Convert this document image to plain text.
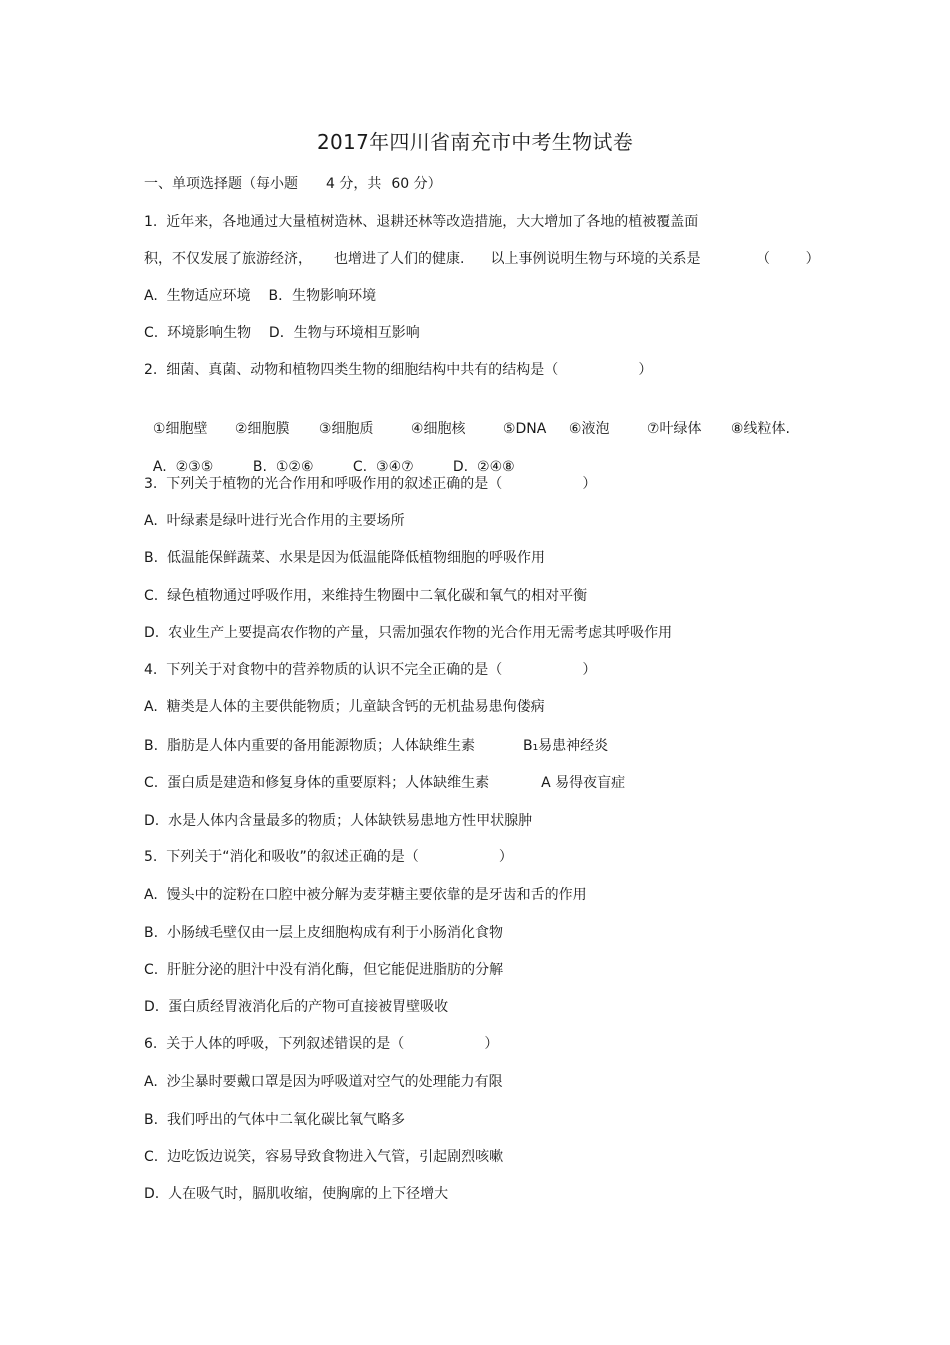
2017年四川省南充市中考生物试卷
一、单项选择题（每小题 4 分，共 60 分）
1.  近年来，各地通过大量植树造林、退耕还林等改造措施，大大增加了各地的植被覆盖面
积，不仅发展了旅游经济， 也增进了人们的健康. 以上事例说明生物与环境的关系是	（        ）
A.  生物适应环境    B．生物影响环境
C.  环境影响生物    D．生物与环境相互影响
2.  细菌、真菌、动物和植物四类生物的细胞结构中共有的结构是（                  ）

①细胞壁 ②细胞膜 ③细胞质	④细胞核	⑤DNA ⑥液泡	⑦叶绿体 ⑧线粒体.

A.  ②③⑤	B.  ①②⑥	C.  ③④⑦	D.  ②④⑧

3.  下列关于植物的光合作用和呼吸作用的叙述正确的是（                  ）
A.  叶绿素是绿叶进行光合作用的主要场所
B.  低温能保鲜蔬菜、水果是因为低温能降低植物细胞的呼吸作用
C.  绿色植物通过呼吸作用，来维持生物圈中二氧化碳和氧气的相对平衡
D.  农业生产上要提高农作物的产量，只需加强农作物的光合作用无需考虑其呼吸作用
4.  下列关于对食物中的营养物质的认识不完全正确的是（                  ）
A.  糖类是人体的主要供能物质；儿童缺含钙的无机盐易患佝偻病
B.  脂肪是人体内重要的备用能源物质；人体缺维生素	B₁易患神经炎
C.  蛋白质是建造和修复身体的重要原料；人体缺维生素	A 易得夜盲症
D.  水是人体内含量最多的物质；人体缺铁易患地方性甲状腺肿
5.  下列关于“消化和吸收”的叙述正确的是（                  ）
A.  馒头中的淀粉在口腔中被分解为麦芽糖主要依靠的是牙齿和舌的作用
B.  小肠绒毛壁仅由一层上皮细胞构成有利于小肠消化食物
C.  肝脏分泌的胆汁中没有消化酶，但它能促进脂肪的分解
D.  蛋白质经胃液消化后的产物可直接被胃壁吸收
6.  关于人体的呼吸，下列叙述错误的是（                  ）
A.  沙尘暴时要戴口罩是因为呼吸道对空气的处理能力有限
B.  我们呼出的气体中二氧化碳比氧气略多
C.  边吃饭边说笑，容易导致食物进入气管，引起剧烈咳嗽
D.  人在吸气时，膈肌收缩，使胸廓的上下径增大
